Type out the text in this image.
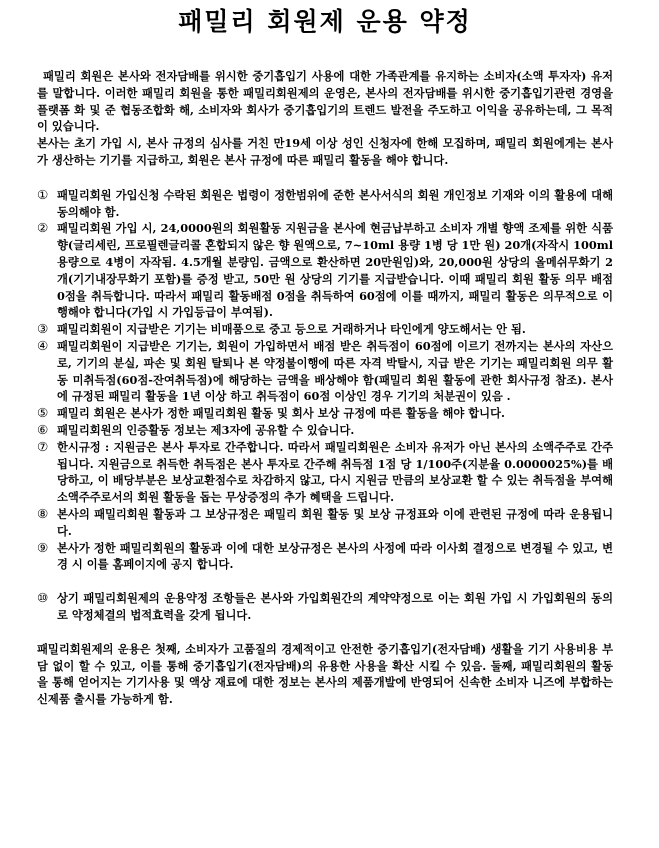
패밀리 회원제 운용 약정

패밀리 회원은 본사와 전자담배를 위시한 중기흡입기 사용에 대한 가족관계를 유지하는 소비자(소액 투자자) 유저를 말합니다. 이러한 패밀리 회원을 통한 패밀리회원제의 운영은, 본사의 전자담배를 위시한 중기흡입기관련 경영을 플랫폼 화 및 준 협동조합화 해, 소비자와 회사가 중기흡입기의 트렌드 발전을 주도하고 이익을 공유하는데, 그 목적이 있습니다.

본사는 초기 가입 시, 본사 규정의 심사를 거친 만19세 이상 성인 신청자에 한해 모집하며, 패밀리 회원에게는 본사가 생산하는 기기를 지급하고, 회원은 본사 규정에 따른 패밀리 활동을 해야 합니다.

① 패밀리회원 가입신청 수락된 회원은 법령이 정한범위에 준한 본사서식의 회원 개인정보 기재와 이의 활용에 대해 동의해야 함.
② 패밀리회원 가입 시, 24,0000원의 회원활동 지원금을 본사에 현금납부하고 소비자 개별 향액 조제를 위한 식품향(글리세린, 프로필렌글리콜 혼합되지 않은 향 원액으로, 7~10ml 용량 1병 당 1만 원) 20개(자작시 100ml 용량으로 4병이 자작됨. 4.5개월 분량임. 금액으로 환산하면 20만원임)와, 20,000원 상당의 올메쉬무화기 2개(기기내장무화기 포함)를 증정 받고, 50만 원 상당의 기기를 지급받습니다. 이때 패밀리 회원 활동 의무 배점 0점을 취득합니다. 따라서 패밀리 활동배점 0점을 취득하여 60점에 이를 때까지, 패밀리 활동은 의무적으로 이행해야 합니다(가입 시 가입등급이 부여됨).
③ 패밀리회원이 지급받은 기기는 비매품으로 중고 등으로 거래하거나 타인에게 양도해서는 안 됨.
④ 패밀리회원이 지급받은 기기는, 회원이 가입하면서 배점 받은 취득점이 60점에 이르기 전까지는 본사의 자산으로, 기기의 분실, 파손 및 회원 탈퇴나 본 약정불이행에 따른 자격 박탈시, 지급 받은 기기는 패밀리회원 의무 활동 미취득점(60점-잔여취득점)에 해당하는 금액을 배상해야 함(패밀리 회원 활동에 관한 회사규정 참조). 본사에 규정된 패밀리 활동을 1년 이상 하고 취득점이 60점 이상인 경우 기기의 처분권이 있음 .
⑤ 패밀리 회원은 본사가 정한 패밀리회원 활동 및 회사 보상 규정에 따른 활동을 해야 합니다.
⑥ 패밀리회원의 인증활동 정보는 제3자에 공유할 수 있습니다.
⑦ 한시규정 : 지원금은 본사 투자로 간주합니다. 따라서 패밀리회원은 소비자 유저가 아닌 본사의 소액주주로 간주 됩니다. 지원금으로 취득한 취득점은 본사 투자로 간주해 취득점 1점 당 1/100주(지분율 0.0000025%)를 배당하고, 이 배당부분은 보상교환점수로 차감하지 않고, 다시 지원금 만큼의 보상교환 할 수 있는 취득점을 부여해 소액주주로서의 회원 활동을 돕는 무상증정의 추가 혜택을 드립니다.
⑧ 본사의 패밀리회원 활동과 그 보상규정은 패밀리 회원 활동 및 보상 규정표와 이에 관련된 규정에 따라 운용됩니다.
⑨ 본사가 정한 패밀리회원의 활동과 이에 대한 보상규정은 본사의 사정에 따라 이사회 결정으로 변경될 수 있고, 변경 시 이를 홈페이지에 공지 합니다.
⑩ 상기 패밀리회원제의 운용약정 조항들은 본사와 가입회원간의 계약약정으로 이는 회원 가입 시 가입회원의 동의로 약정체결의 법적효력을 갖게 됩니다.

패밀리회원제의 운용은 첫째, 소비자가 고품질의 경제적이고 안전한 중기흡입기(전자담배) 생활을 기기 사용비용 부담 없이 할 수 있고, 이를 통해 중기흡입기(전자담배)의 유용한 사용을 확산 시킬 수 있음. 둘째, 패밀리회원의 활동을 통해 얻어지는 기기사용 및 액상 재료에 대한 정보는 본사의 제품개발에 반영되어 신속한 소비자 니즈에 부합하는 신제품 출시를 가능하게 함.
